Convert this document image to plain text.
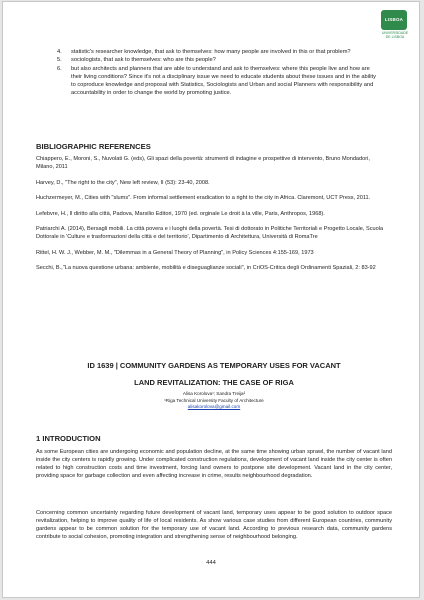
LISBOA
UNIVERSIDADE DE LISBOA
4. statistic's researcher knowledge, that ask to themselves: how many people are involved in this or that problem?
5. sociologists, that ask to themselves: who are this people?
6. but also architects and planners that are able to understand and ask to themselves: where this people live and how are their living conditions? Since it's not a disciplinary issue we need to educate students about these issues and in the ability to coproduce knowledge and proposal with Statistics, Sociologists and Urban and social Planners with responsibility and accountability in order to change the world by promoting justice.
BIBLIOGRAPHIC REFERENCES

Chiappero, E., Moroni, S., Nuvolati G. (eds), Gli spazi della povertà: strumenti di indagine e prospettive di intervento, Bruno Mondadori, Milano, 2011

Harvey, D., "The right to the city", New left review, II (53): 23-40, 2008.

Huchzermeyer, M., Cities with "slums". From informal settlement eradication to a right to the city in Africa. Claremont, UCT Press, 2011.

Lefebvre, H., Il diritto alla città, Padova, Marsilio Editori, 1970 (ed. orginale Le droit à la ville, Paris, Anthropos, 1968).

Patriarchi A. (2014), Bersagli mobili. La città povera e i luoghi della povertà. Tesi di dottorato in Politiche Territoriali e Progetto Locale, Scuola Dottorale in 'Culture e trasformazioni della città e del territorio', Dipartimento di Architettura, Università di RomaTre

Rittel, H. W. J., Webber, M. M., "Dilemmas in a General Theory of Planning", in Policy Sciences 4:155-169, 1973

Secchi, B.,"La nuova questione urbana: ambiente, mobilità e diseguaglianze sociali", in CriOS-Critica degli Ordinamenti Spaziali, 2: 83-92

ID 1639 | COMMUNITY GARDENS AS TEMPORARY USES FOR VACANT
LAND REVITALIZATION: THE CASE OF RIGA
Alisa Korolova¹; Sandra Treija²
¹Riga Technical University Faculty of Architecture
alisakorolova@gmail.com
1 INTRODUCTION

As some European cities are undergoing economic and population decline, at the same time showing urban sprawl, the number of vacant land inside the city centers is rapidly growing. Under complicated construction regulations, development of vacant land inside the city center is often related to high construction costs and time investment, forcing land owners to postpone site development. Vacant land in the city center, providing space for garbage collection and even affecting increase in crime, results neighbourhood degradation.

Concerning common uncertainty regarding future development of vacant land, temporary uses appear to be good solution to outdoor space revitalization, helping to improve quality of life of local residents. As show various case studies from different European countries, community gardens appear to be common solution for the temporary use of vacant land. According to previous research data, community gardens contribute to social cohesion, promoting integration and strengthening sense of neighbourhood belonging.

444
